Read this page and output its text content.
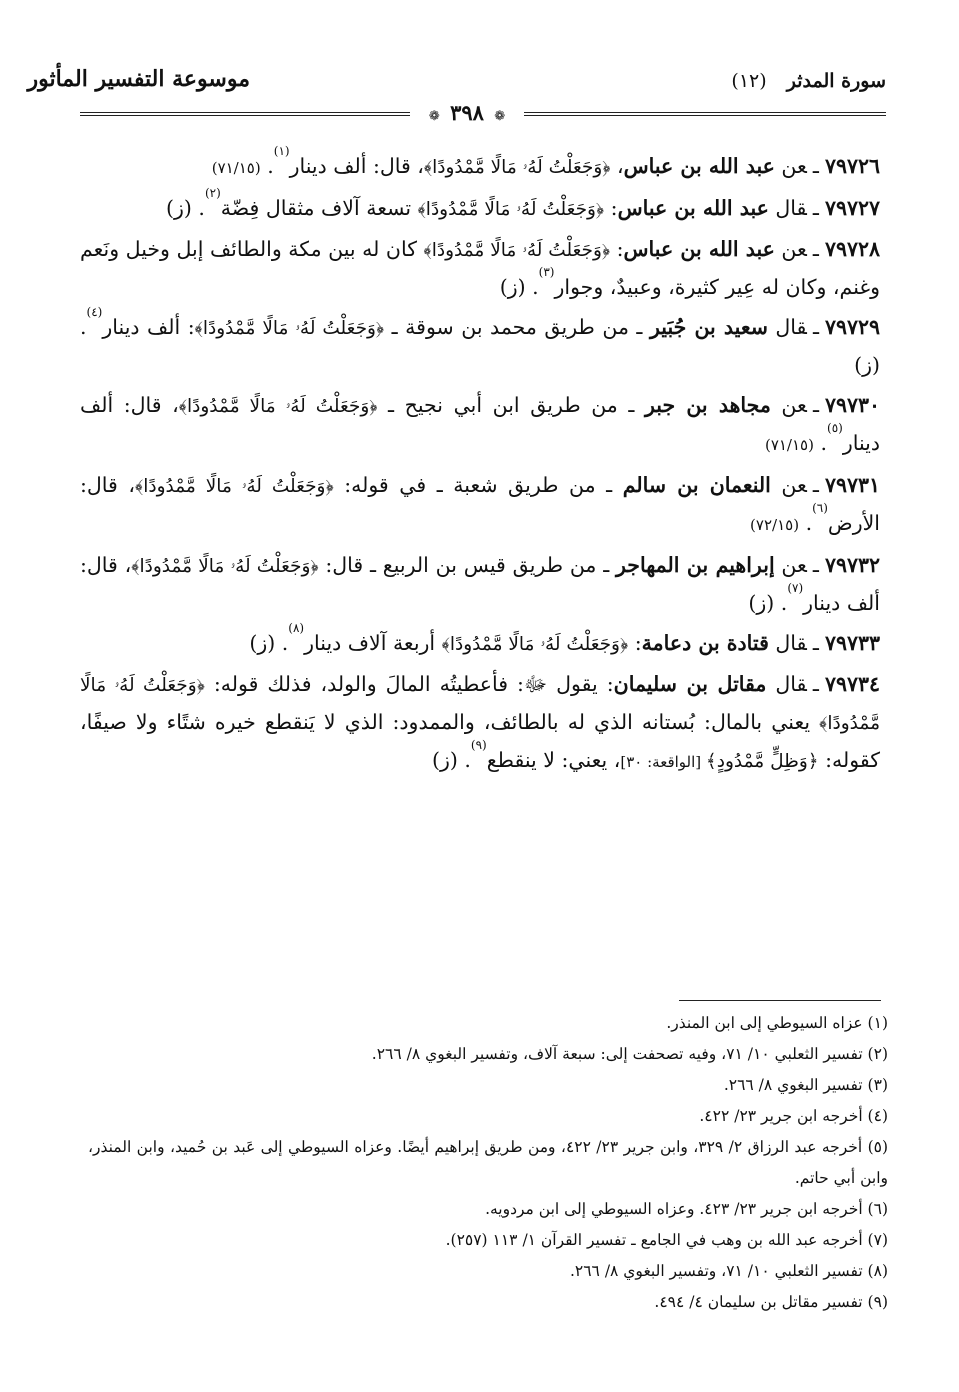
موسوعة التفسير المأثور	سورة المدثر (١٢)
❁ ٣٩٨ ❁

٧٩٧٢٦ـعن عبد الله بن عباس، ﴿وَجَعَلْتُ لَهُۥ مَالًا مَّمْدُودًا﴾، قال: ألف دينار$^{(١)}$. (٧١/١٥)

٧٩٧٢٧ـقال عبد الله بن عباس: ﴿وَجَعَلْتُ لَهُۥ مَالًا مَّمْدُودًا﴾ تسعة آلاف مثقال فِضّة$^{(٢)}$. (ز)

٧٩٧٢٨ـعن عبد الله بن عباس: ﴿وَجَعَلْتُ لَهُۥ مَالًا مَّمْدُودًا﴾ كان له بين مكة والطائف إبل وخيل ونَعم وغنم، وكان له عِير كثيرة، وعبيدٌ، وجوار$^{(٣)}$. (ز)

٧٩٧٢٩ـقال سعيد بن جُبَير ـ من طريق محمد بن سوقة ـ ﴿وَجَعَلْتُ لَهُۥ مَالًا مَّمْدُودًا﴾: ألف دينار$^{(٤)}$. (ز)

٧٩٧٣٠ـعن مجاهد بن جبر ـ من طريق ابن أبي نجيح ـ ﴿وَجَعَلْتُ لَهُۥ مَالًا مَّمْدُودًا﴾، قال: ألف دينار$^{(٥)}$. (٧١/١٥)

٧٩٧٣١ـعن النعمان بن سالم ـ من طريق شعبة ـ في قوله: ﴿وَجَعَلْتُ لَهُۥ مَالًا مَّمْدُودًا﴾، قال: الأرض$^{(٦)}$. (٧٢/١٥)

٧٩٧٣٢ـعن إبراهيم بن المهاجر ـ من طريق قيس بن الربيع ـ قال: ﴿وَجَعَلْتُ لَهُۥ مَالًا مَّمْدُودًا﴾، قال: ألف دينار$^{(٧)}$. (ز)

٧٩٧٣٣ـقال قتادة بن دعامة: ﴿وَجَعَلْتُ لَهُۥ مَالًا مَّمْدُودًا﴾ أربعة آلاف دينار$^{(٨)}$. (ز)

٧٩٧٣٤ـقال مقاتل بن سليمان: يقول ﷻ: فأعطيتُه المالَ والولد، فذلك قوله: ﴿وَجَعَلْتُ لَهُۥ مَالًا مَّمْدُودًا﴾ يعني بالمال: بُستانه الذي له بالطائف، والممدود: الذي لا يَنقطع خيره شتًاء ولا صيفًا، كقوله: ﴿وَظِلٍّ مَّمْدُودٍ﴾ [الواقعة: ٣٠]، يعني: لا ينقطع$^{(٩)}$. (ز)

(١) عزاه السيوطي إلى ابن المنذر.

(٢) تفسير الثعلبي ١٠/ ٧١، وفيه تصحفت إلى: سبعة آلاف، وتفسير البغوي ٨/ ٢٦٦.

(٣) تفسير البغوي ٨/ ٢٦٦.

(٤) أخرجه ابن جرير ٢٣/ ٤٢٢.

(٥) أخرجه عبد الرزاق ٢/ ٣٢٩، وابن جرير ٢٣/ ٤٢٢، ومن طريق إبراهيم أيضًا. وعزاه السيوطي إلى عَبد بن حُميد، وابن المنذر، وابن أبي حاتم.

(٦) أخرجه ابن جرير ٢٣/ ٤٢٣. وعزاه السيوطي إلى ابن مردويه.

(٧) أخرجه عبد الله بن وهب في الجامع ـ تفسير القرآن ١/ ١١٣ (٢٥٧).

(٨) تفسير الثعلبي ١٠/ ٧١، وتفسير البغوي ٨/ ٢٦٦.

(٩) تفسير مقاتل بن سليمان ٤/ ٤٩٤.
